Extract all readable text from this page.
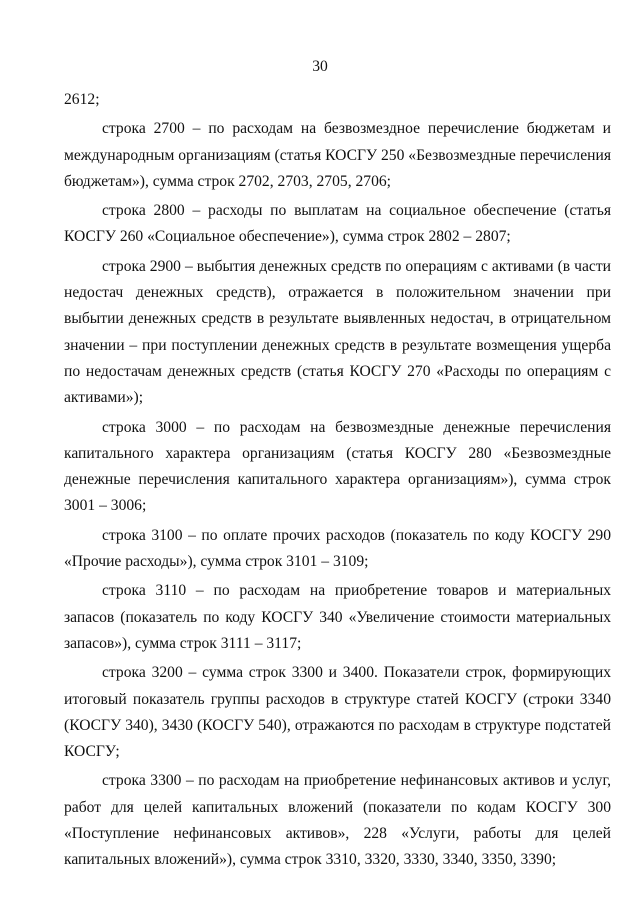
30

2612;

строка 2700 – по расходам на безвозмездное перечисление бюджетам и международным организациям (статья КОСГУ 250 «Безвозмездные перечисления бюджетам»), сумма строк 2702, 2703, 2705, 2706;

строка 2800 – расходы по выплатам на социальное обеспечение (статья КОСГУ 260 «Социальное обеспечение»), сумма строк 2802 – 2807;

строка 2900 – выбытия денежных средств по операциям с активами (в части недостач денежных средств), отражается в положительном значении при выбытии денежных средств в результате выявленных недостач, в отрицательном значении – при поступлении денежных средств в результате возмещения ущерба по недостачам денежных средств (статья КОСГУ 270 «Расходы по операциям с активами»);

строка 3000 – по расходам на безвозмездные денежные перечисления капитального характера организациям (статья КОСГУ 280 «Безвозмездные денежные перечисления капитального характера организациям»), сумма строк 3001 – 3006;

строка 3100 – по оплате прочих расходов (показатель по коду КОСГУ 290 «Прочие расходы»), сумма строк 3101 – 3109;

строка 3110 – по расходам на приобретение товаров и материальных запасов (показатель по коду КОСГУ 340 «Увеличение стоимости материальных запасов»), сумма строк 3111 – 3117;

строка 3200 – сумма строк 3300 и 3400. Показатели строк, формирующих итоговый показатель группы расходов в структуре статей КОСГУ (строки 3340 (КОСГУ 340), 3430 (КОСГУ 540), отражаются по расходам в структуре подстатей КОСГУ;

строка 3300 – по расходам на приобретение нефинансовых активов и услуг, работ для целей капитальных вложений (показатели по кодам КОСГУ 300 «Поступление нефинансовых активов», 228 «Услуги, работы для целей капитальных вложений»), сумма строк 3310, 3320, 3330, 3340, 3350, 3390;
